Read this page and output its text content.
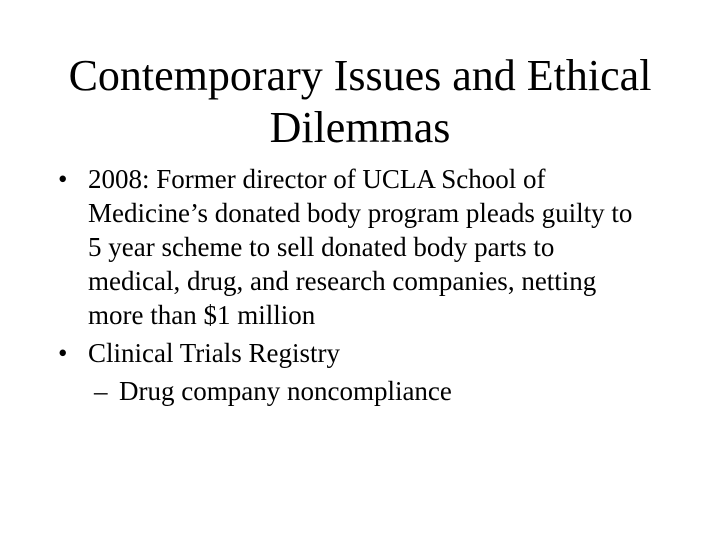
Contemporary Issues and Ethical
Dilemmas
• 2008: Former director of UCLA School of Medicine’s donated body program pleads guilty to 5 year scheme to sell donated body parts to medical, drug, and research companies, netting more than $1 million
• Clinical Trials Registry
– Drug company noncompliance
